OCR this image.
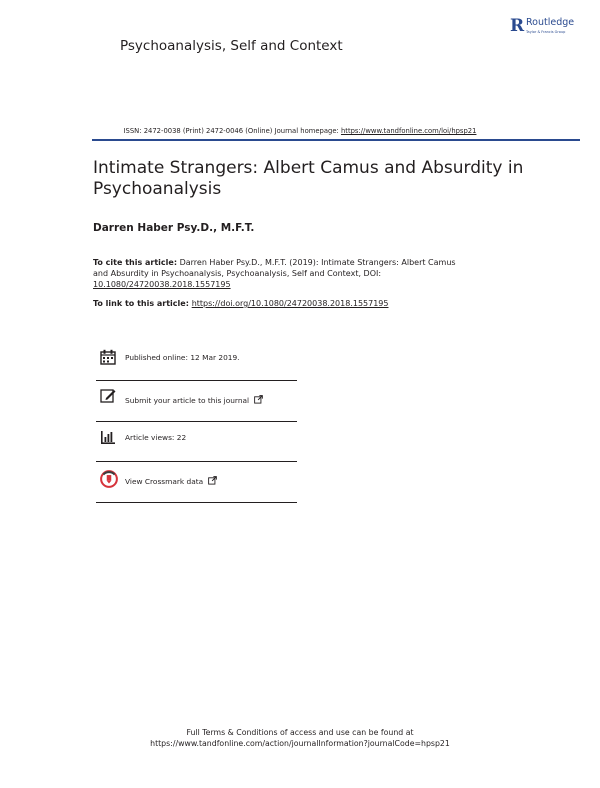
Psychoanalysis, Self and Context
R Routledge
Taylor & Francis Group
ISSN: 2472-0038 (Print) 2472-0046 (Online) Journal homepage: https://www.tandfonline.com/loi/hpsp21
Intimate Strangers: Albert Camus and Absurdity in
Psychoanalysis
Darren Haber Psy.D., M.F.T.
To cite this article: Darren Haber Psy.D., M.F.T. (2019): Intimate Strangers: Albert Camus and Absurdity in Psychoanalysis, Psychoanalysis, Self and Context, DOI:
10.1080/24720038.2018.1557195
To link to this article: https://doi.org/10.1080/24720038.2018.1557195
Published online: 12 Mar 2019.
Submit your article to this journal
Article views: 22
View Crossmark data
Full Terms & Conditions of access and use can be found at
https://www.tandfonline.com/action/journalInformation?journalCode=hpsp21
